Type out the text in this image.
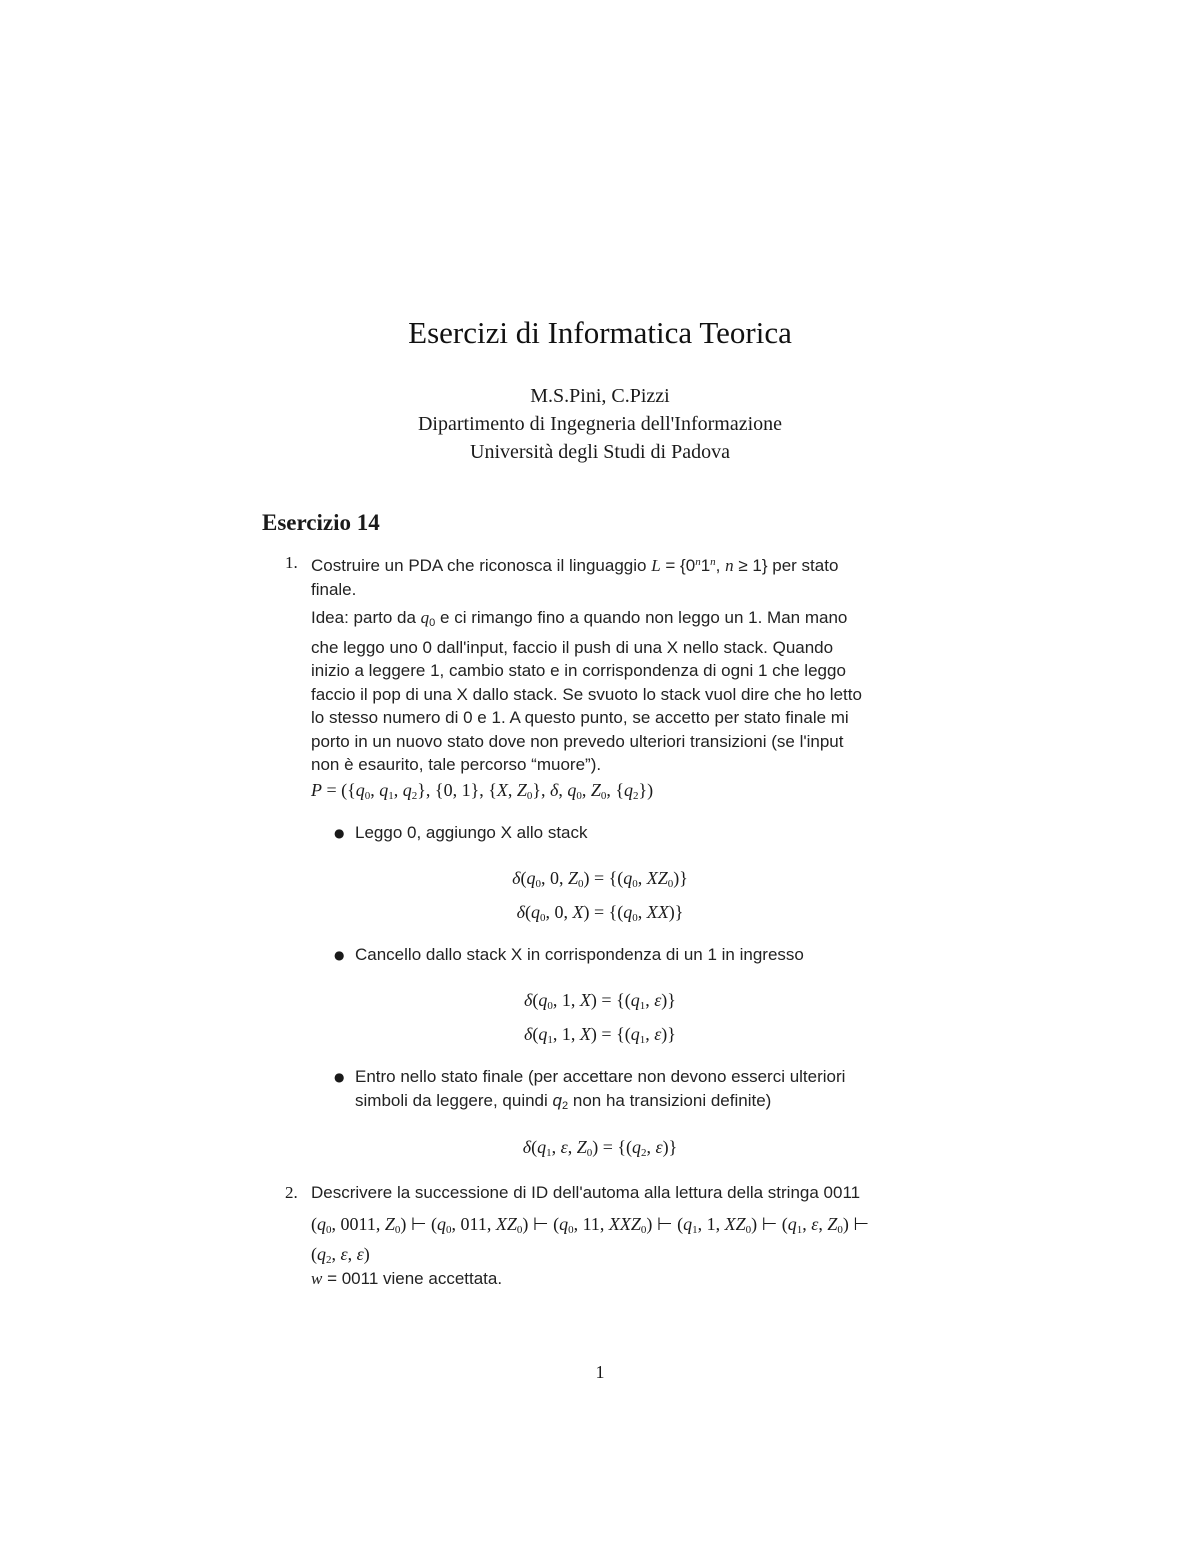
Esercizi di Informatica Teorica
M.S.Pini, C.Pizzi
Dipartimento di Ingegneria dell'Informazione
Università degli Studi di Padova
Esercizio 14
1. Costruire un PDA che riconosca il linguaggio $L = \{0^n1^n$, n ≥ 1} per stato
finale.
Idea: parto da $q_0$ e ci rimango fino a quando non leggo un 1. Man mano
che leggo uno 0 dall'input, faccio il push di una X nello stack. Quando
inizio a leggere 1, cambio stato e in corrispondenza di ogni 1 che leggo
faccio il pop di una X dallo stack. Se svuoto lo stack vuol dire che ho letto
lo stesso numero di 0 e 1. A questo punto, se accetto per stato finale mi
porto in un nuovo stato dove non prevedo ulteriori transizioni (se l'input
non è esaurito, tale percorso “muore”).
$P = (\{q_0$, $q_1$, $q_2$}, {0, 1}, {X, $Z_0$}, δ, $q_0$, $Z_0$, $\{q_2\}$)
● Leggo 0, aggiungo X allo stack
$\delta(q_0$, 0, $Z_0) = \{(q_0$, $XZ_0$)}
$\delta(q_0$, 0, $X) = \{(q_0$, XX)}
● Cancello dallo stack X in corrispondenza di un 1 in ingresso
$\delta(q_0$, 1, $X) = \{(q_1$, ε)}
$\delta(q_1$, 1, $X) = \{(q_1$, ε)}
● Entro nello stato finale (per accettare non devono esserci ulteriori
simboli da leggere, quindi $q_2$ non ha transizioni definite)
$\delta(q_1$, ε, $Z_0) = \{(q_2$, ε)}
2. Descrivere la successione di ID dell'automa alla lettura della stringa 0011
($q_0$, 0011, $Z_0$) ⊢ ($q_0$, 011, $XZ_0$) ⊢ ($q_0$, 11, $XXZ_0$) ⊢ ($q_1$, 1, $XZ_0$) ⊢ ($q_1$, ε, $Z_0$) ⊢
($q_2$, ε, ε)
w = 0011 viene accettata.
1
